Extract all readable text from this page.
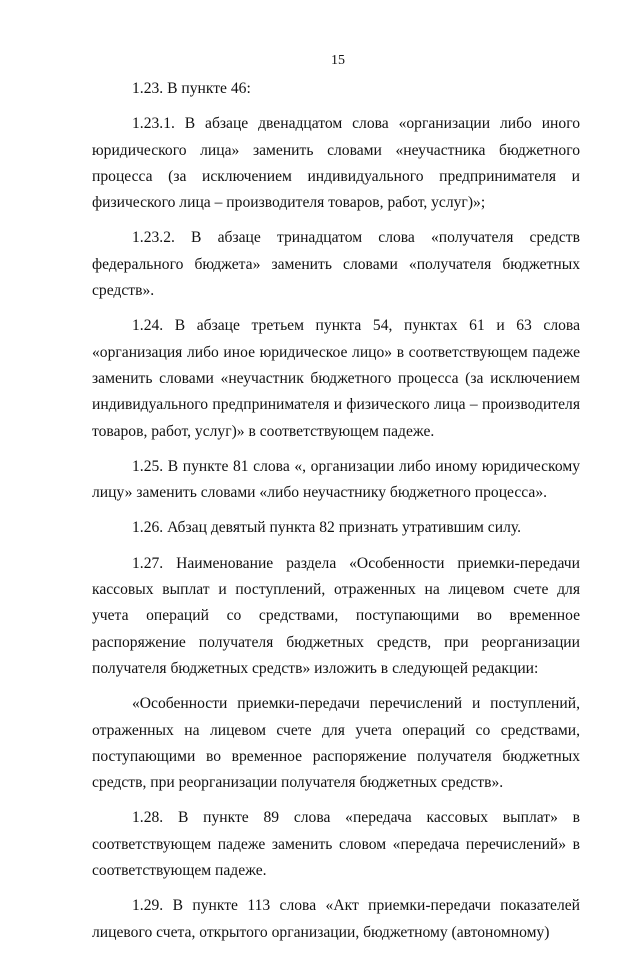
15

1.23. В пункте 46:

1.23.1. В абзаце двенадцатом слова «организации либо иного юридического лица» заменить словами «неучастника бюджетного процесса (за исключением индивидуального предпринимателя и физического лица – производителя товаров, работ, услуг)»;

1.23.2. В абзаце тринадцатом слова «получателя средств федерального бюджета» заменить словами «получателя бюджетных средств».

1.24. В абзаце третьем пункта 54, пунктах 61 и 63 слова «организация либо иное юридическое лицо» в соответствующем падеже заменить словами «неучастник бюджетного процесса (за исключением индивидуального предпринимателя и физического лица – производителя товаров, работ, услуг)» в соответствующем падеже.

1.25. В пункте 81 слова «, организации либо иному юридическому лицу» заменить словами «либо неучастнику бюджетного процесса».

1.26. Абзац девятый пункта 82 признать утратившим силу.

1.27. Наименование раздела «Особенности приемки-передачи кассовых выплат и поступлений, отраженных на лицевом счете для учета операций со средствами, поступающими во временное распоряжение получателя бюджетных средств, при реорганизации получателя бюджетных средств» изложить в следующей редакции:

«Особенности приемки-передачи перечислений и поступлений, отраженных на лицевом счете для учета операций со средствами, поступающими во временное распоряжение получателя бюджетных средств, при реорганизации получателя бюджетных средств».

1.28. В пункте 89 слова «передача кассовых выплат» в соответствующем падеже заменить словом «передача перечислений» в соответствующем падеже.

1.29. В пункте 113 слова «Акт приемки-передачи показателей лицевого счета, открытого организации, бюджетному (автономному)
